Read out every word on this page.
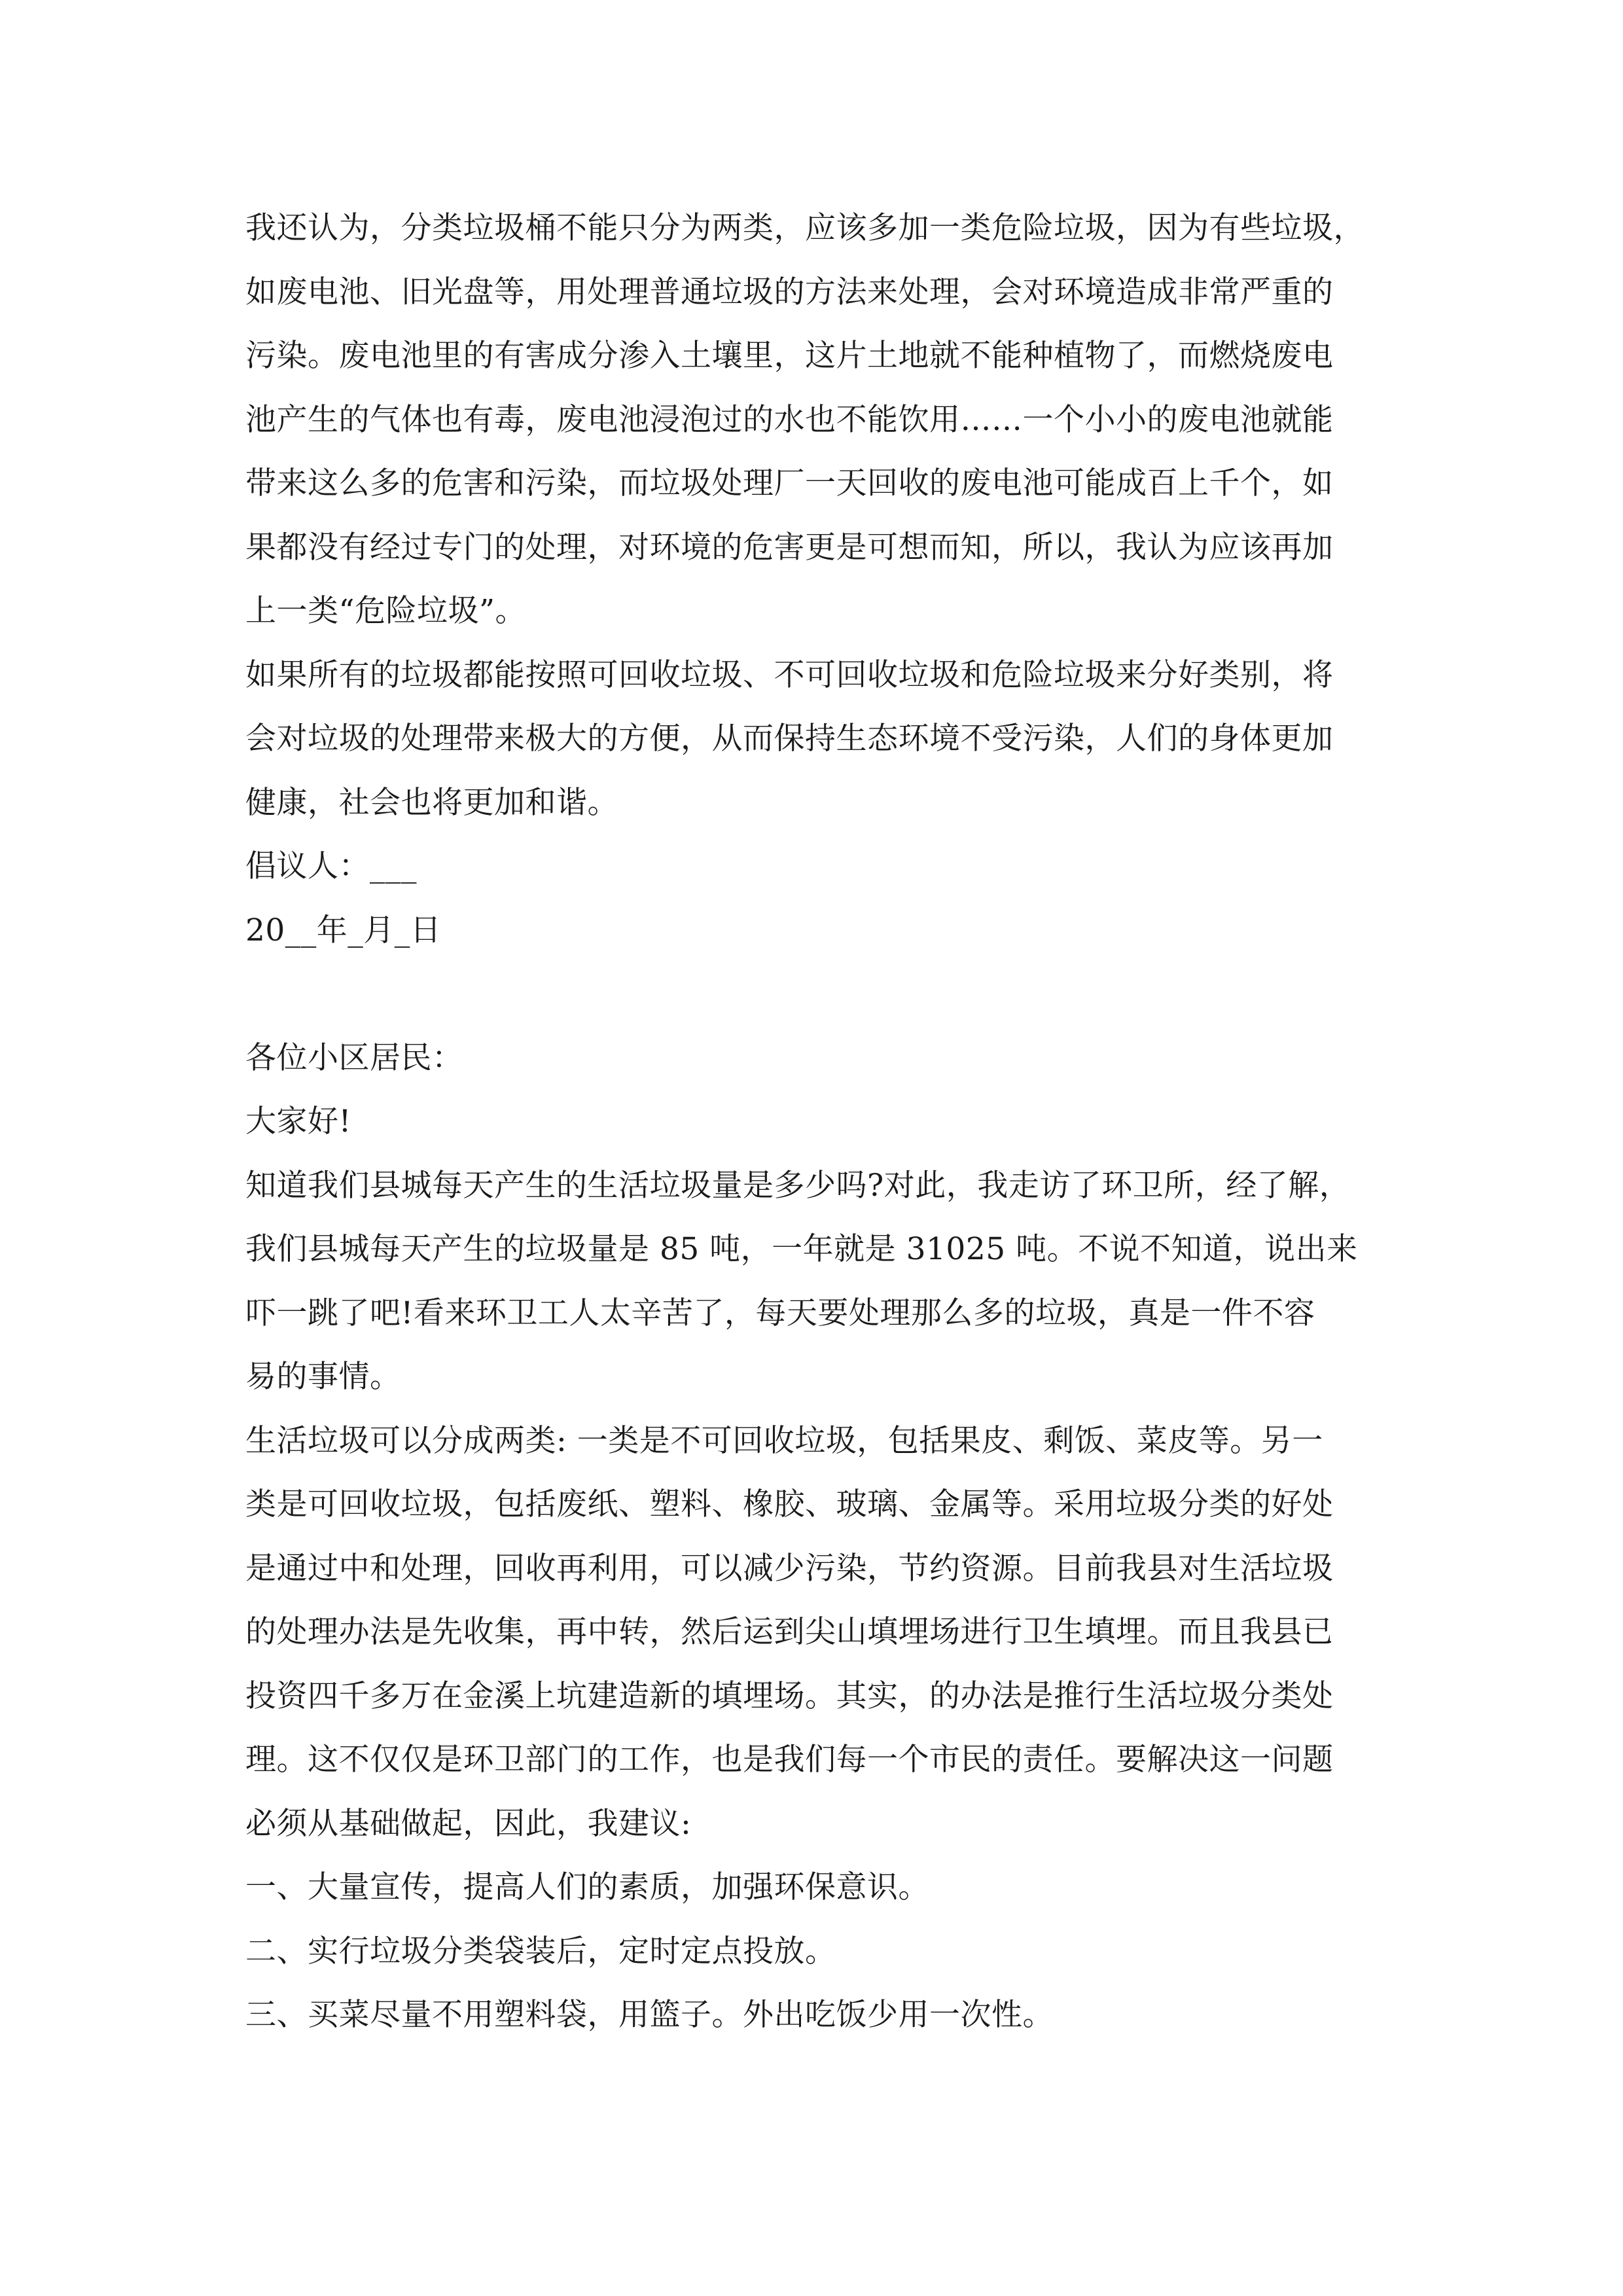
我还认为，分类垃圾桶不能只分为两类，应该多加一类危险垃圾，因为有些垃圾，
如废电池、旧光盘等，用处理普通垃圾的方法来处理，会对环境造成非常严重的
污染。废电池里的有害成分渗入土壤里，这片土地就不能种植物了，而燃烧废电
池产生的气体也有毒，废电池浸泡过的水也不能饮用……一个小小的废电池就能
带来这么多的危害和污染，而垃圾处理厂一天回收的废电池可能成百上千个，如
果都没有经过专门的处理，对环境的危害更是可想而知，所以，我认为应该再加
上一类“危险垃圾”。
如果所有的垃圾都能按照可回收垃圾、不可回收垃圾和危险垃圾来分好类别，将
会对垃圾的处理带来极大的方便，从而保持生态环境不受污染，人们的身体更加
健康，社会也将更加和谐。
倡议人：___
20__年_月_日
各位小区居民：
大家好!
知道我们县城每天产生的生活垃圾量是多少吗?对此，我走访了环卫所，经了解，
我们县城每天产生的垃圾量是 85 吨，一年就是 31025 吨。不说不知道，说出来
吓一跳了吧!看来环卫工人太辛苦了，每天要处理那么多的垃圾，真是一件不容
易的事情。
生活垃圾可以分成两类: 一类是不可回收垃圾，包括果皮、剩饭、菜皮等。另一
类是可回收垃圾，包括废纸、塑料、橡胶、玻璃、金属等。采用垃圾分类的好处
是通过中和处理，回收再利用，可以减少污染，节约资源。目前我县对生活垃圾
的处理办法是先收集，再中转，然后运到尖山填埋场进行卫生填埋。而且我县已
投资四千多万在金溪上坑建造新的填埋场。其实，的办法是推行生活垃圾分类处
理。这不仅仅是环卫部门的工作，也是我们每一个市民的责任。要解决这一问题
必须从基础做起，因此，我建议:
一、大量宣传，提高人们的素质，加强环保意识。
二、实行垃圾分类袋装后，定时定点投放。
三、买菜尽量不用塑料袋，用篮子。外出吃饭少用一次性。
